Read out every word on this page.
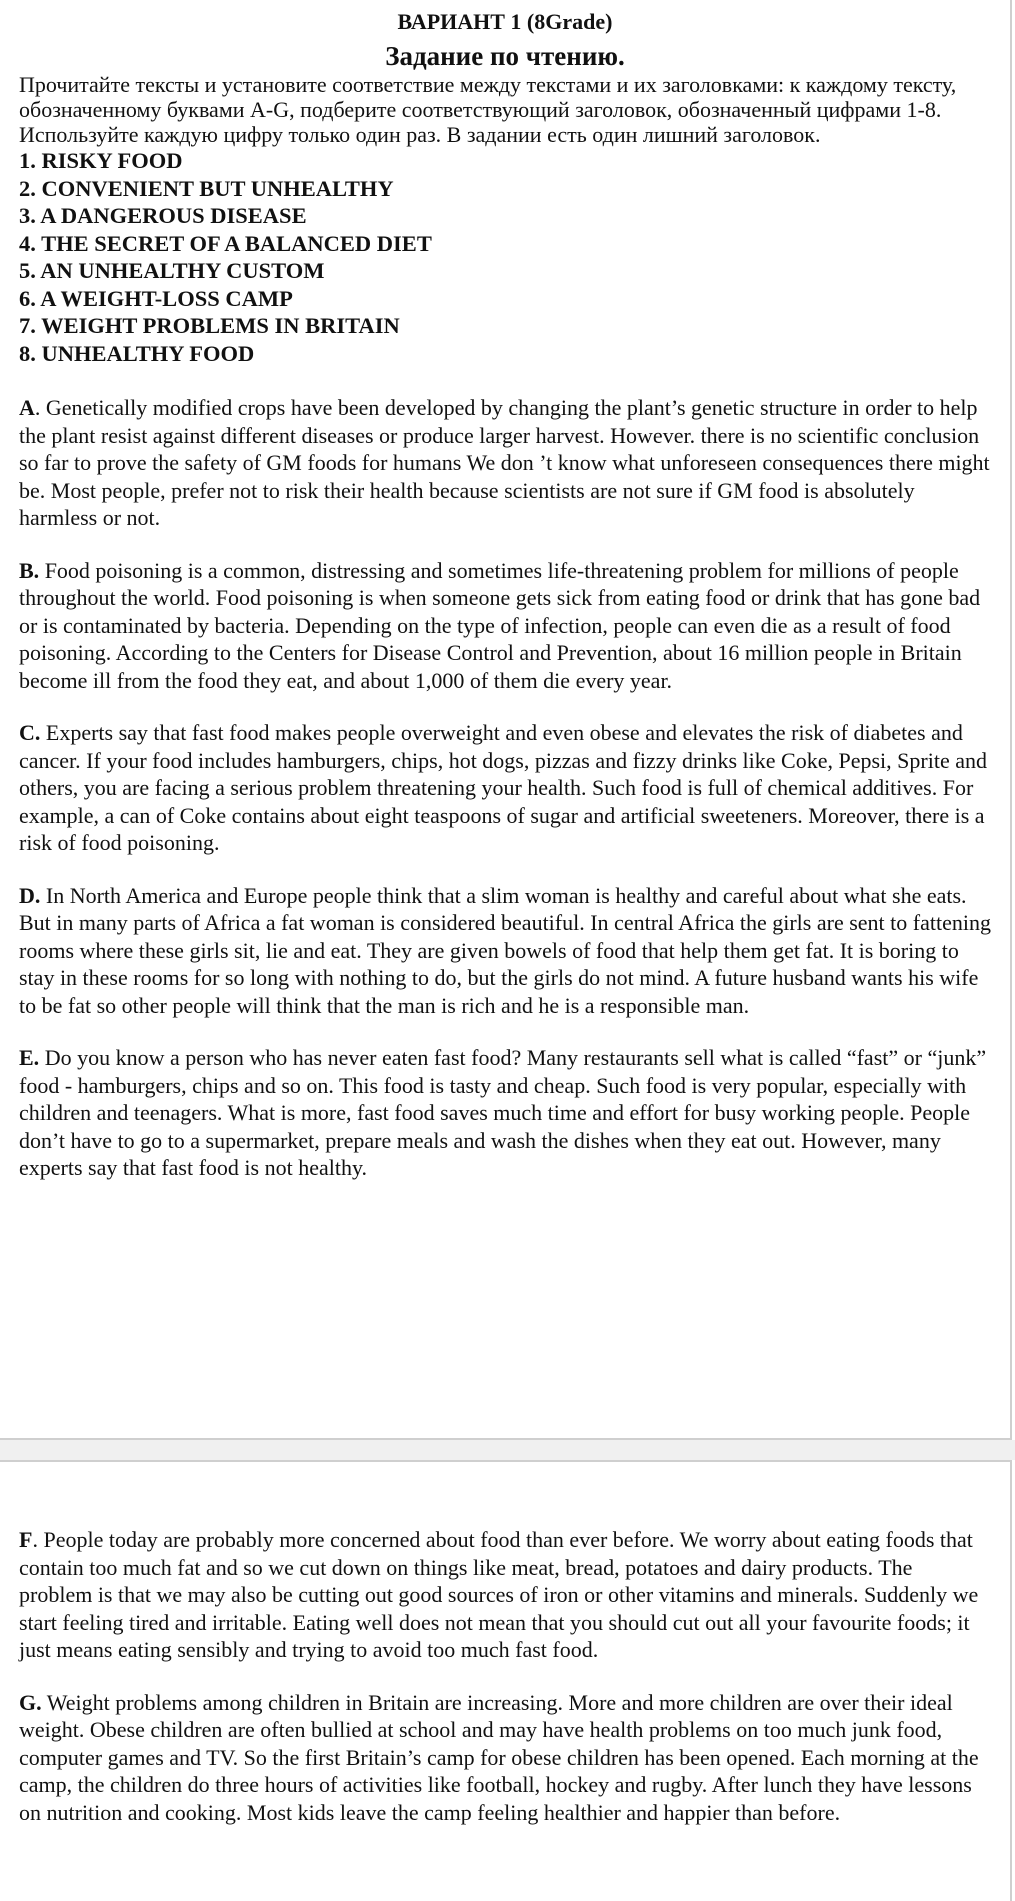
ВАРИАНТ 1 (8Grade)
Задание по чтению.

Прочитайте тексты и установите соответствие между текстами и их заголовками: к каждому тексту, обозначенному буквами A-G, подберите соответствующий заголовок, обозначенный цифрами 1-8. Используйте каждую цифру только один раз. В задании есть один лишний заголовок.

1. RISKY FOOD
2. CONVENIENT BUT UNHEALTHY
3. A DANGEROUS DISEASE
4. THE SECRET OF A BALANCED DIET
5. AN UNHEALTHY CUSTOM
6. A WEIGHT-LOSS CAMP
7. WEIGHT PROBLEMS IN BRITAIN
8. UNHEALTHY FOOD

A. Genetically modified crops have been developed by changing the plant’s genetic structure in order to help the plant resist against different diseases or produce larger harvest. However. there is no scientific conclusion so far to prove the safety of GM foods for humans We don ’t know what unforeseen consequences there might be. Most people, prefer not to risk their health because scientists are not sure if GM food is absolutely harmless or not.

B. Food poisoning is a common, distressing and sometimes life-threatening problem for millions of people throughout the world. Food poisoning is when someone gets sick from eating food or drink that has gone bad or is contaminated by bacteria. Depending on the type of infection, people can even die as a result of food poisoning. According to the Centers for Disease Control and Prevention, about 16 million people in Britain become ill from the food they eat, and about 1,000 of them die every year.

C. Experts say that fast food makes people overweight and even obese and elevates the risk of diabetes and cancer. If your food includes hamburgers, chips, hot dogs, pizzas and fizzy drinks like Coke, Pepsi, Sprite and others, you are facing a serious problem threatening your health. Such food is full of chemical additives. For example, a can of Coke contains about eight teaspoons of sugar and artificial sweeteners. Moreover, there is a risk of food poisoning.

D. In North America and Europe people think that a slim woman is healthy and careful about what she eats. But in many parts of Africa a fat woman is considered beautiful. In central Africa the girls are sent to fattening rooms where these girls sit, lie and eat. They are given bowels of food that help them get fat. It is boring to stay in these rooms for so long with nothing to do, but the girls do not mind. A future husband wants his wife to be fat so other people will think that the man is rich and he is a responsible man.

E. Do you know a person who has never eaten fast food? Many restaurants sell what is called “fast” or “junk” food - hamburgers, chips and so on. This food is tasty and cheap. Such food is very popular, especially with children and teenagers. What is more, fast food saves much time and effort for busy working people. People don’t have to go to a supermarket, prepare meals and wash the dishes when they eat out. However, many experts say that fast food is not healthy.

F. People today are probably more concerned about food than ever before. We worry about eating foods that contain too much fat and so we cut down on things like meat, bread, potatoes and dairy products. The problem is that we may also be cutting out good sources of iron or other vitamins and minerals. Suddenly we start feeling tired and irritable. Eating well does not mean that you should cut out all your favourite foods; it just means eating sensibly and trying to avoid too much fast food.

G. Weight problems among children in Britain are increasing. More and more children are over their ideal weight. Obese children are often bullied at school and may have health problems on too much junk food, computer games and TV. So the first Britain’s camp for obese children has been opened. Each morning at the camp, the children do three hours of activities like football, hockey and rugby. After lunch they have lessons on nutrition and cooking. Most kids leave the camp feeling healthier and happier than before.
